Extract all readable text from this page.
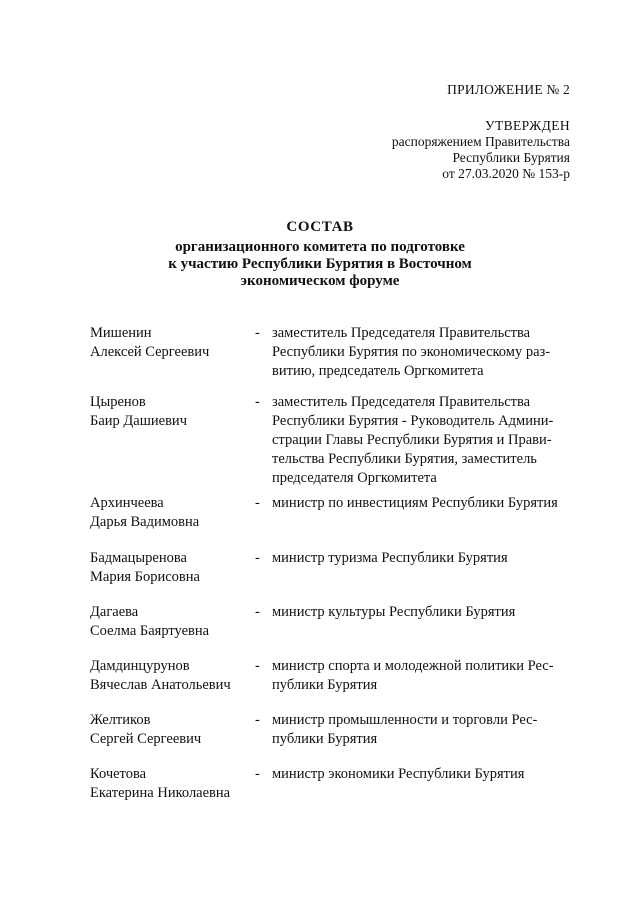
ПРИЛОЖЕНИЕ № 2
УТВЕРЖДЕН
распоряжением Правительства
Республики Бурятия
от 27.03.2020 № 153-р
СОСТАВ
организационного комитета по подготовке
к участию Республики Бурятия в Восточном
экономическом форуме
Мишенин
Алексей Сергеевич
- заместитель Председателя Правительства
Республики Бурятия по экономическому раз-
витию, председатель Оргкомитета
Цыренов
Баир Дашиевич
- заместитель Председателя Правительства
Республики Бурятия - Руководитель Админи-
страции Главы Республики Бурятия и Прави-
тельства Республики Бурятия, заместитель
председателя Оргкомитета
Архинчеева
Дарья Вадимовна
- министр по инвестициям Республики Бурятия
Бадмацыренова
Мария Борисовна
- министр туризма Республики Бурятия
Дагаева
Соелма Баяртуевна
- министр культуры Республики Бурятия
Дамдинцурунов
Вячеслав Анатольевич
- министр спорта и молодежной политики Рес-
публики Бурятия
Желтиков
Сергей Сергеевич
- министр промышленности и торговли Рес-
публики Бурятия
Кочетова
Екатерина Николаевна
- министр экономики Республики Бурятия
